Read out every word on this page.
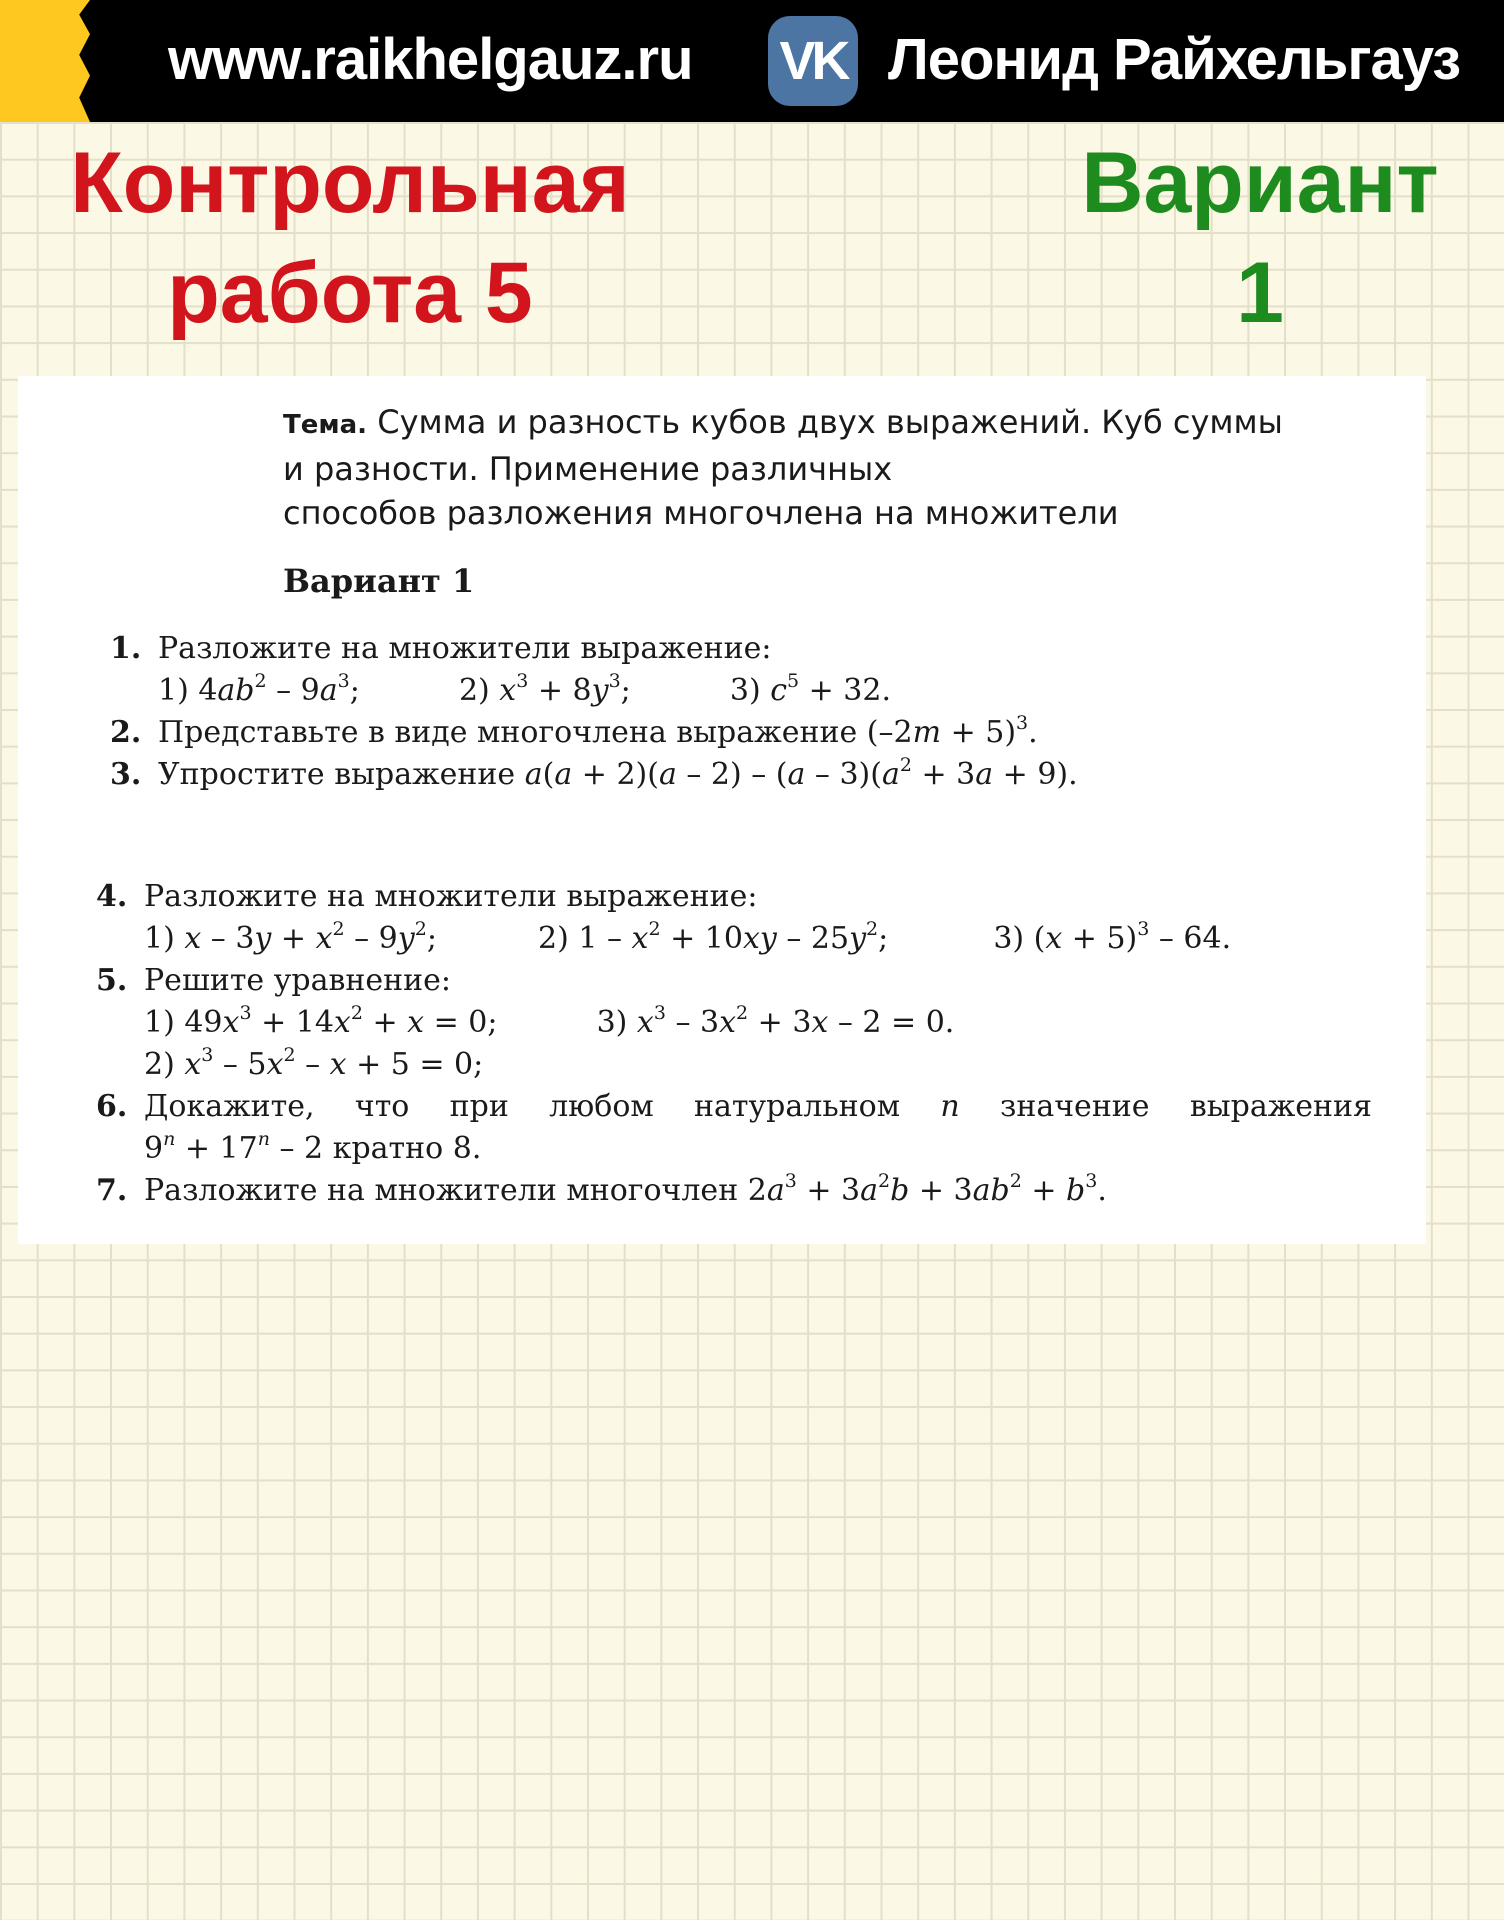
www.raikhelgauz.ru VK Леонид Райхельгауз
Контрольная
работа 5
Вариант
1
Тема. Сумма и разность кубов двух выражений. Куб суммы
и разности. Применение различных
способов разложения многочлена на множители
Вариант 1
1. Разложите на множители выражение:
1) $4ab^2 - 9a^3$;	2) $x^3 + 8y^3$;	3) $c^5 + 32$.
2. Представьте в виде многочлена выражение $(-2m + 5)^3$.
3. Упростите выражение $a(a + 2)(a - 2) - (a - 3)(a^2 + 3a + 9)$.
4. Разложите на множители выражение:
1) $x - 3y + x^2 - 9y^2$;	2) $1 - x^2 + 10xy - 25y^2$;	3) $(x + 5)^3 - 64$.
5. Решите уравнение:
1) $49x^3 + 14x^2 + x = 0$;	3) $x^3 - 3x^2 + 3x - 2 = 0$.
2) $x^3 - 5x^2 - x + 5 = 0$;
6. Докажите, что при любом натуральном n значение выражения
$9^n + 17^n - 2$ кратно 8.
7. Разложите на множители многочлен $2a^3 + 3a^2b + 3ab^2 + b^3$.
